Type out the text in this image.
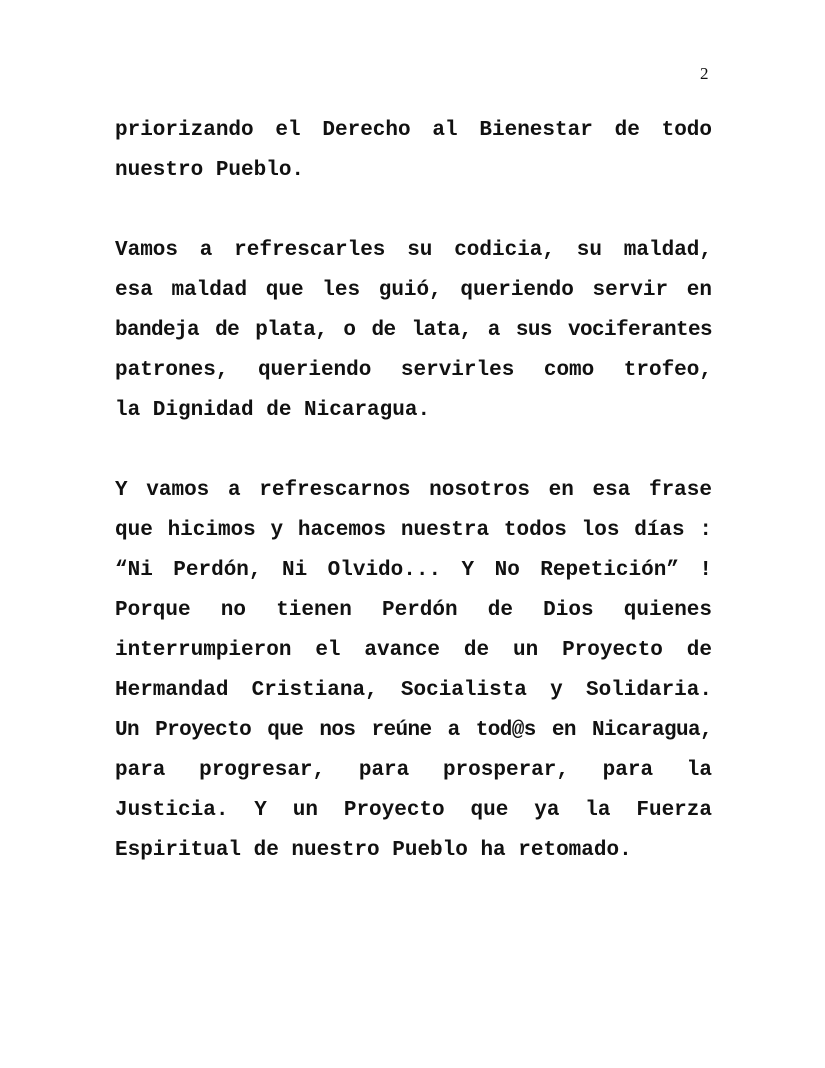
2
priorizando el Derecho al Bienestar de todo
nuestro Pueblo.
Vamos a refrescarles su codicia, su maldad,
esa maldad que les guió, queriendo servir en
bandeja de plata, o de lata, a sus vociferantes
patrones, queriendo servirles como trofeo,
la Dignidad de Nicaragua.
Y vamos a refrescarnos nosotros en esa frase
que hicimos y hacemos nuestra todos los días :
“Ni Perdón, Ni Olvido... Y No Repetición” !
Porque no tienen Perdón de Dios quienes
interrumpieron el avance de un Proyecto de
Hermandad Cristiana, Socialista y Solidaria.
Un Proyecto que nos reúne a tod@s en Nicaragua,
para progresar, para prosperar, para la
Justicia. Y un Proyecto que ya la Fuerza
Espiritual de nuestro Pueblo ha retomado.
